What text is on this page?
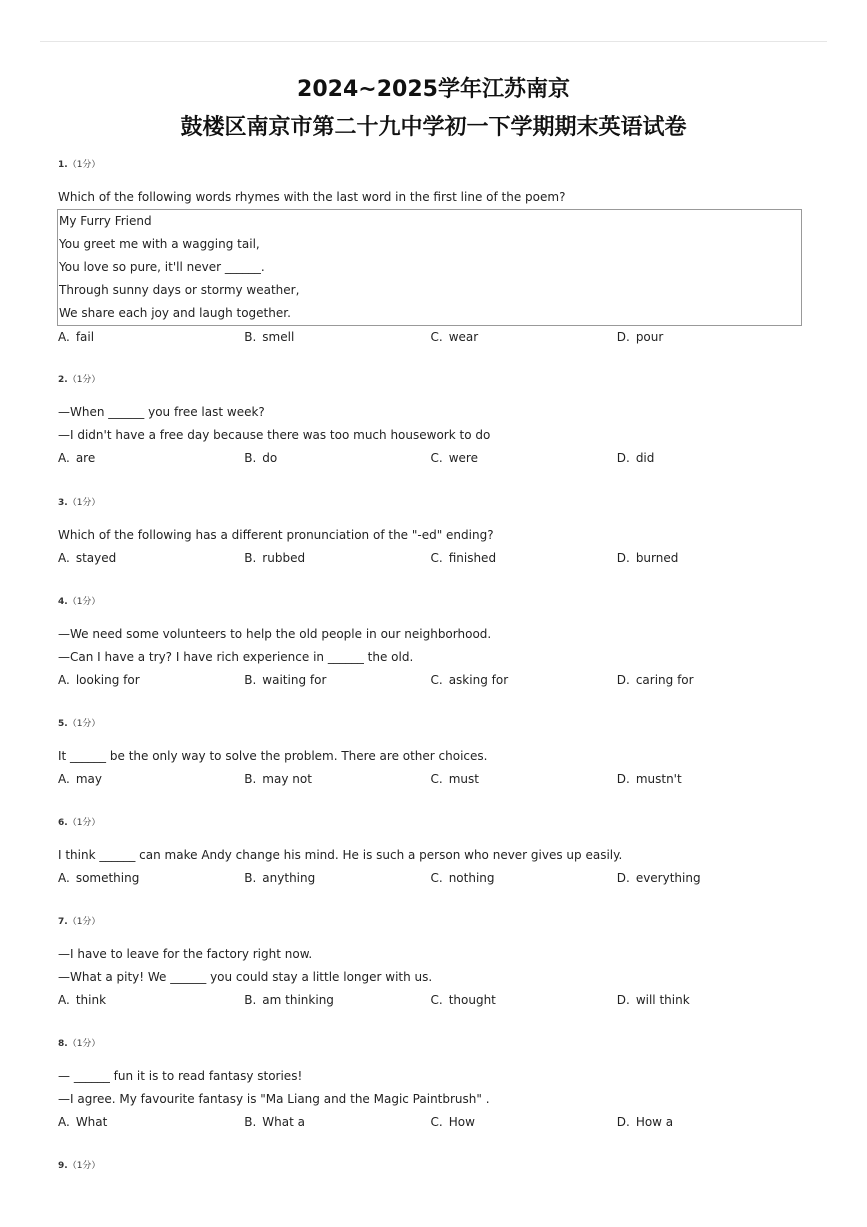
2024~2025学年江苏南京
鼓楼区南京市第二十九中学初一下学期期末英语试卷
1.（1分）
Which of the following words rhymes with the last word in the first line of the poem?
My Furry Friend
You greet me with a wagging tail,
You love so pure, it'll never ______.
Through sunny days or stormy weather,
We share each joy and laugh together.
A. fail	B. smell	C. wear	D. pour
2.（1分）
—When ______ you free last week?
—I didn't have a free day because there was too much housework to do
A. are	B. do	C. were	D. did
3.（1分）
Which of the following has a different pronunciation of the "-ed" ending?
A. stayed	B. rubbed	C. finished	D. burned
4.（1分）
—We need some volunteers to help the old people in our neighborhood.
—Can I have a try? I have rich experience in ______ the old.
A. looking for	B. waiting for	C. asking for	D. caring for
5.（1分）
It ______ be the only way to solve the problem. There are other choices.
A. may	B. may not	C. must	D. mustn't
6.（1分）
I think ______ can make Andy change his mind. He is such a person who never gives up easily.
A. something	B. anything	C. nothing	D. everything
7.（1分）
—I have to leave for the factory right now.
—What a pity! We ______ you could stay a little longer with us.
A. think	B. am thinking	C. thought	D. will think
8.（1分）
— ______ fun it is to read fantasy stories!
—I agree. My favourite fantasy is "Ma Liang and the Magic Paintbrush" .
A. What	B. What a	C. How	D. How a
9.（1分）
